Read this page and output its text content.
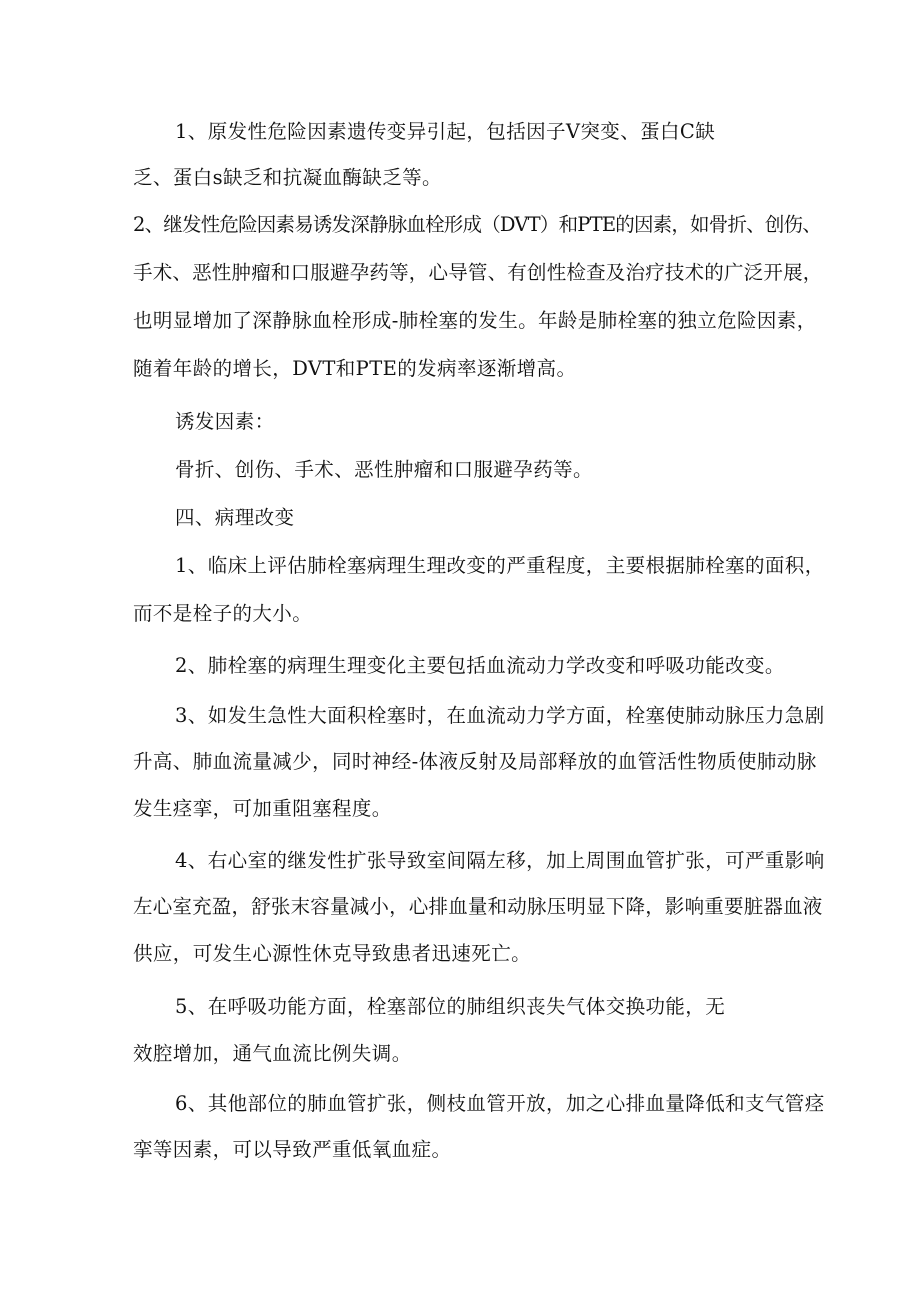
1、原发性危险因素遗传变异引起，包括因子V突变、蛋白C缺

乏、蛋白s缺乏和抗凝血酶缺乏等。

2、继发性危险因素易诱发深静脉血栓形成（DVT）和PTE的因素，如骨折、创伤、

手术、恶性肿瘤和口服避孕药等，心导管、有创性检查及治疗技术的广泛开展，

也明显增加了深静脉血栓形成-肺栓塞的发生。年龄是肺栓塞的独立危险因素，

随着年龄的增长，DVT和PTE的发病率逐渐增高。

诱发因素：

骨折、创伤、手术、恶性肿瘤和口服避孕药等。

四、病理改变

1、临床上评估肺栓塞病理生理改变的严重程度，主要根据肺栓塞的面积，

而不是栓子的大小。

2、肺栓塞的病理生理变化主要包括血流动力学改变和呼吸功能改变。

3、如发生急性大面积栓塞时，在血流动力学方面，栓塞使肺动脉压力急剧

升高、肺血流量减少，同时神经-体液反射及局部释放的血管活性物质使肺动脉

发生痉挛，可加重阻塞程度。

4、右心室的继发性扩张导致室间隔左移，加上周围血管扩张，可严重影响

左心室充盈，舒张末容量减小，心排血量和动脉压明显下降，影响重要脏器血液

供应，可发生心源性休克导致患者迅速死亡。

5、在呼吸功能方面，栓塞部位的肺组织丧失气体交换功能，无

效腔增加，通气血流比例失调。

6、其他部位的肺血管扩张，侧枝血管开放，加之心排血量降低和支气管痉

挛等因素，可以导致严重低氧血症。
